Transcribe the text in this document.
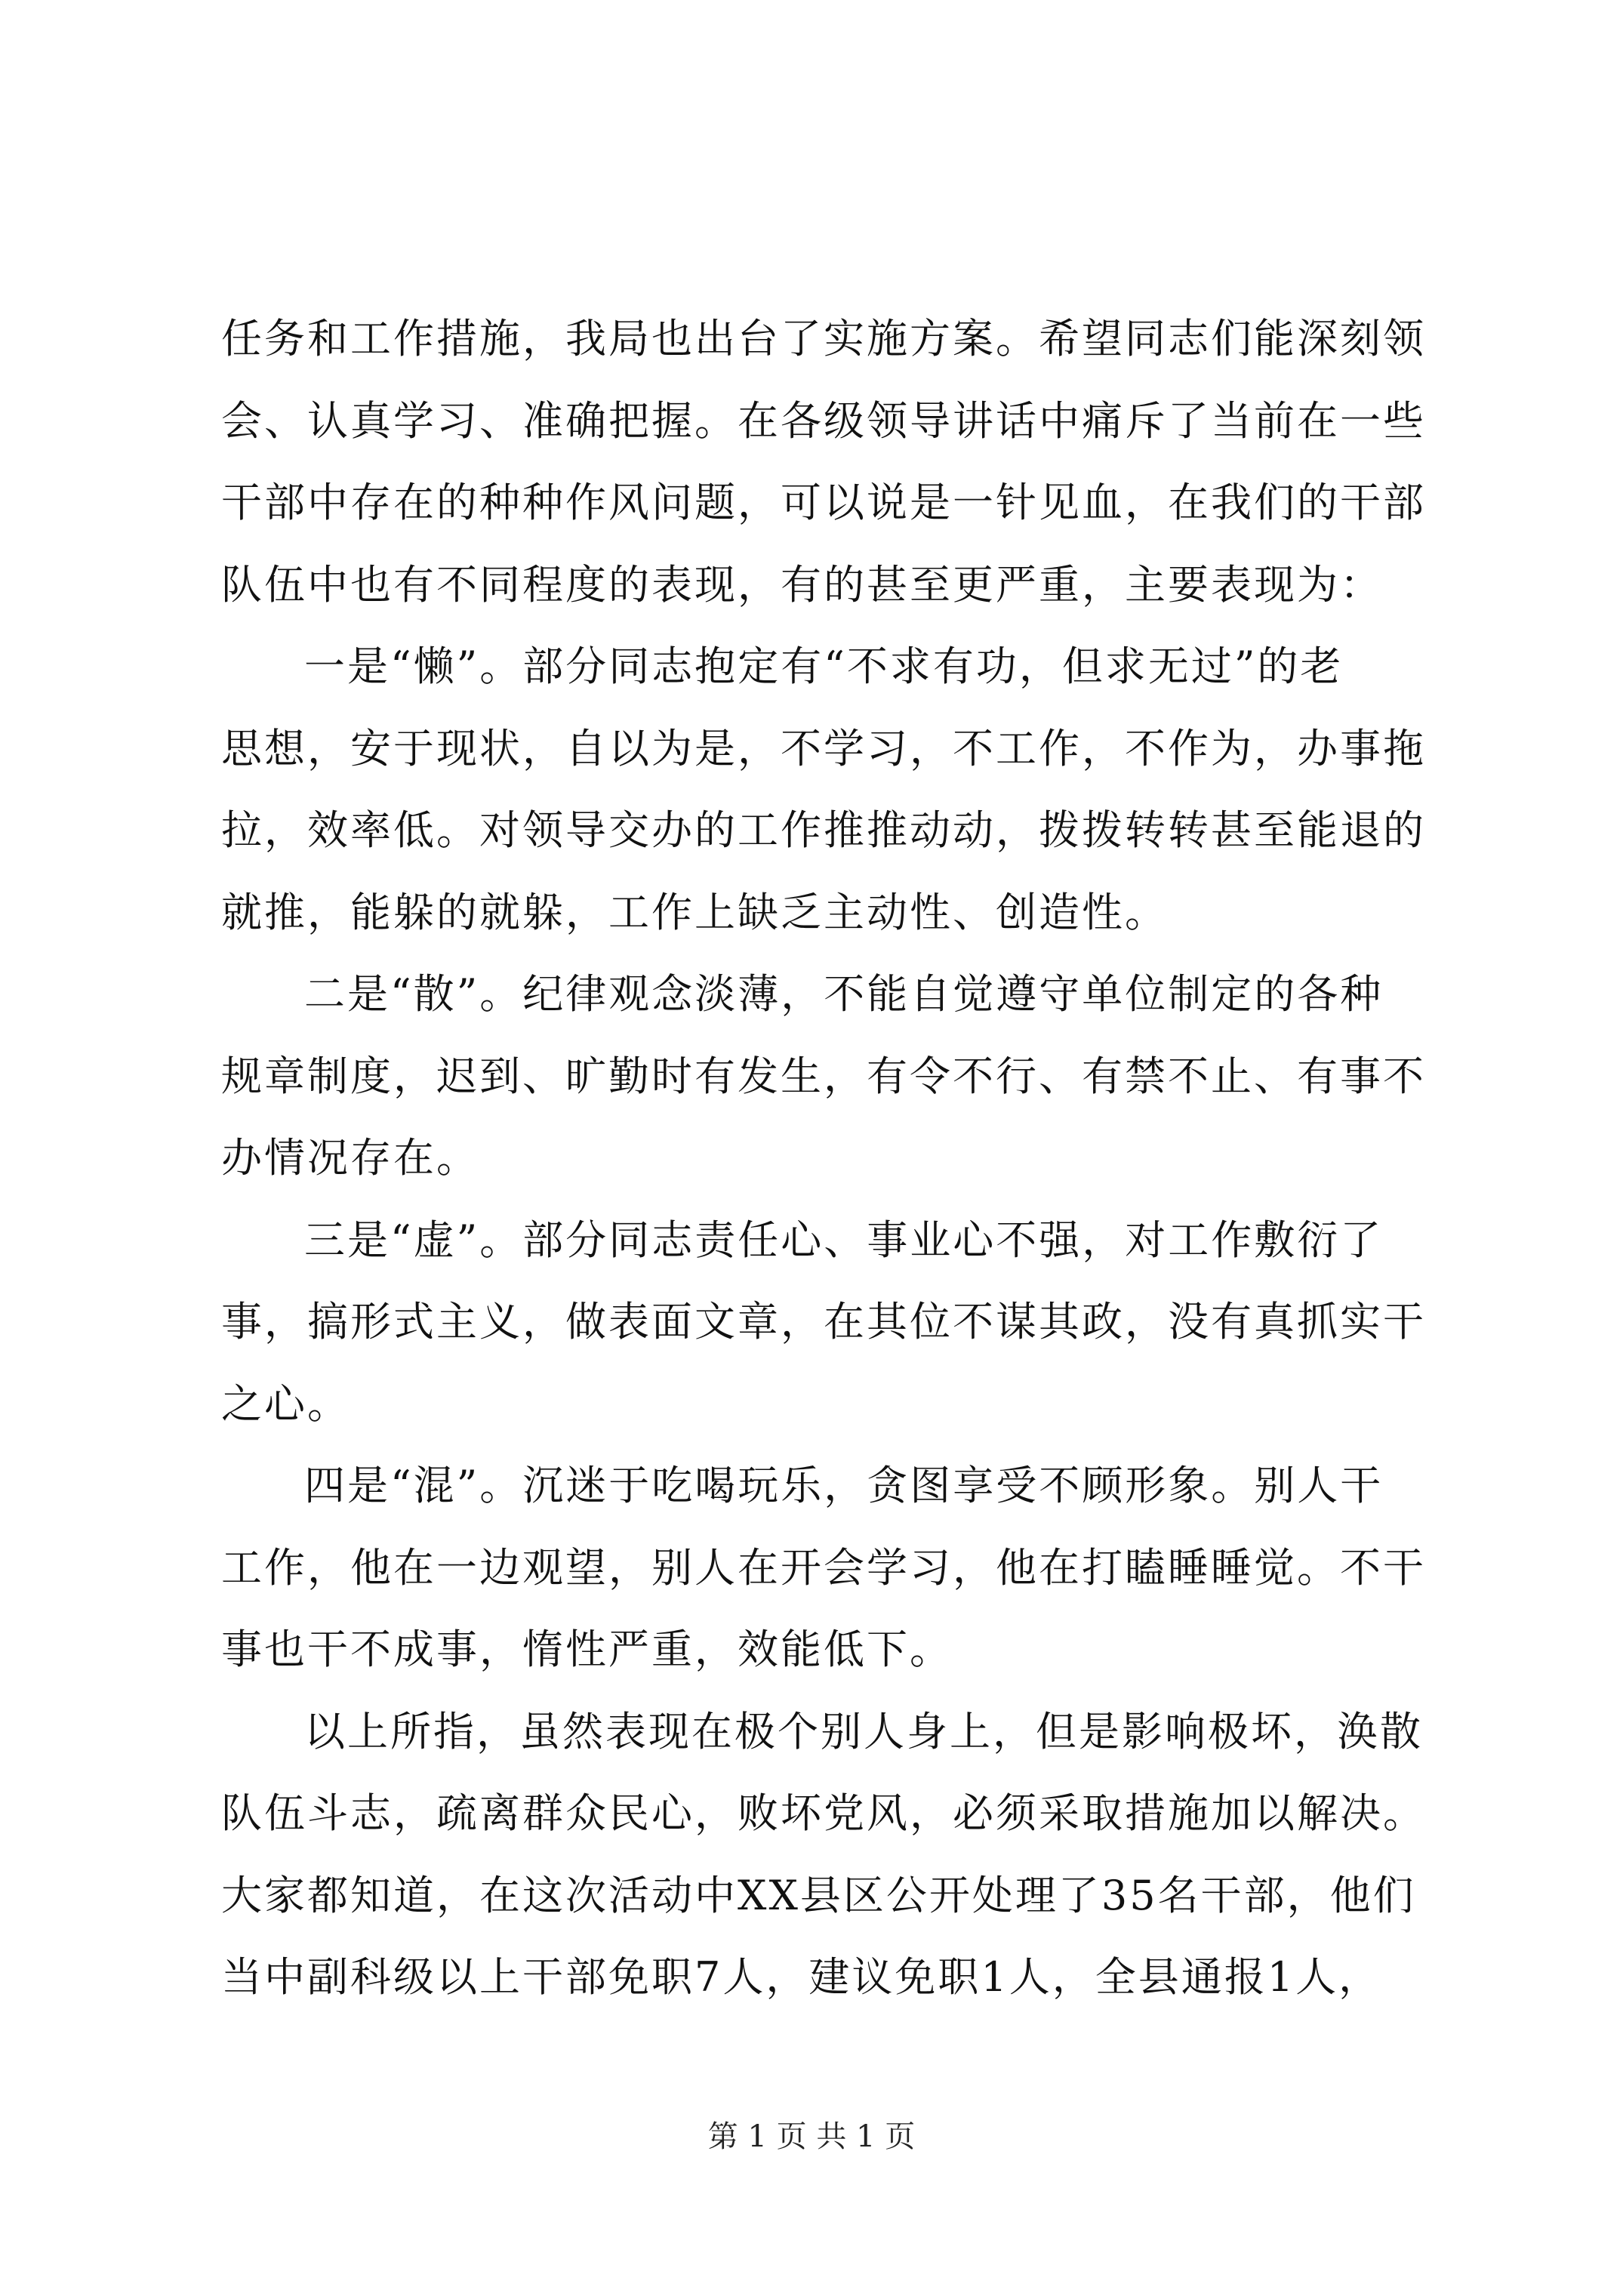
任务和工作措施，我局也出台了实施方案。希望同志们能深刻领
会、认真学习、准确把握。在各级领导讲话中痛斥了当前在一些
干部中存在的种种作风问题，可以说是一针见血，在我们的干部
队伍中也有不同程度的表现，有的甚至更严重，主要表现为：
一是“懒”。部分同志抱定有“不求有功，但求无过”的老
思想，安于现状，自以为是，不学习，不工作，不作为，办事拖
拉，效率低。对领导交办的工作推推动动，拨拨转转甚至能退的
就推，能躲的就躲，工作上缺乏主动性、创造性。
二是“散”。纪律观念淡薄，不能自觉遵守单位制定的各种
规章制度，迟到、旷勤时有发生，有令不行、有禁不止、有事不
办情况存在。
三是“虚”。部分同志责任心、事业心不强，对工作敷衍了
事，搞形式主义，做表面文章，在其位不谋其政，没有真抓实干
之心。
四是“混”。沉迷于吃喝玩乐，贪图享受不顾形象。别人干
工作，他在一边观望，别人在开会学习，他在打瞌睡睡觉。不干
事也干不成事，惰性严重，效能低下。
以上所指，虽然表现在极个别人身上，但是影响极坏，涣散
队伍斗志，疏离群众民心，败坏党风，必须采取措施加以解决。
大家都知道，在这次活动中XX县区公开处理了35名干部，他们
当中副科级以上干部免职7人，建议免职1人，全县通报1人，
第 1 页 共 1 页
